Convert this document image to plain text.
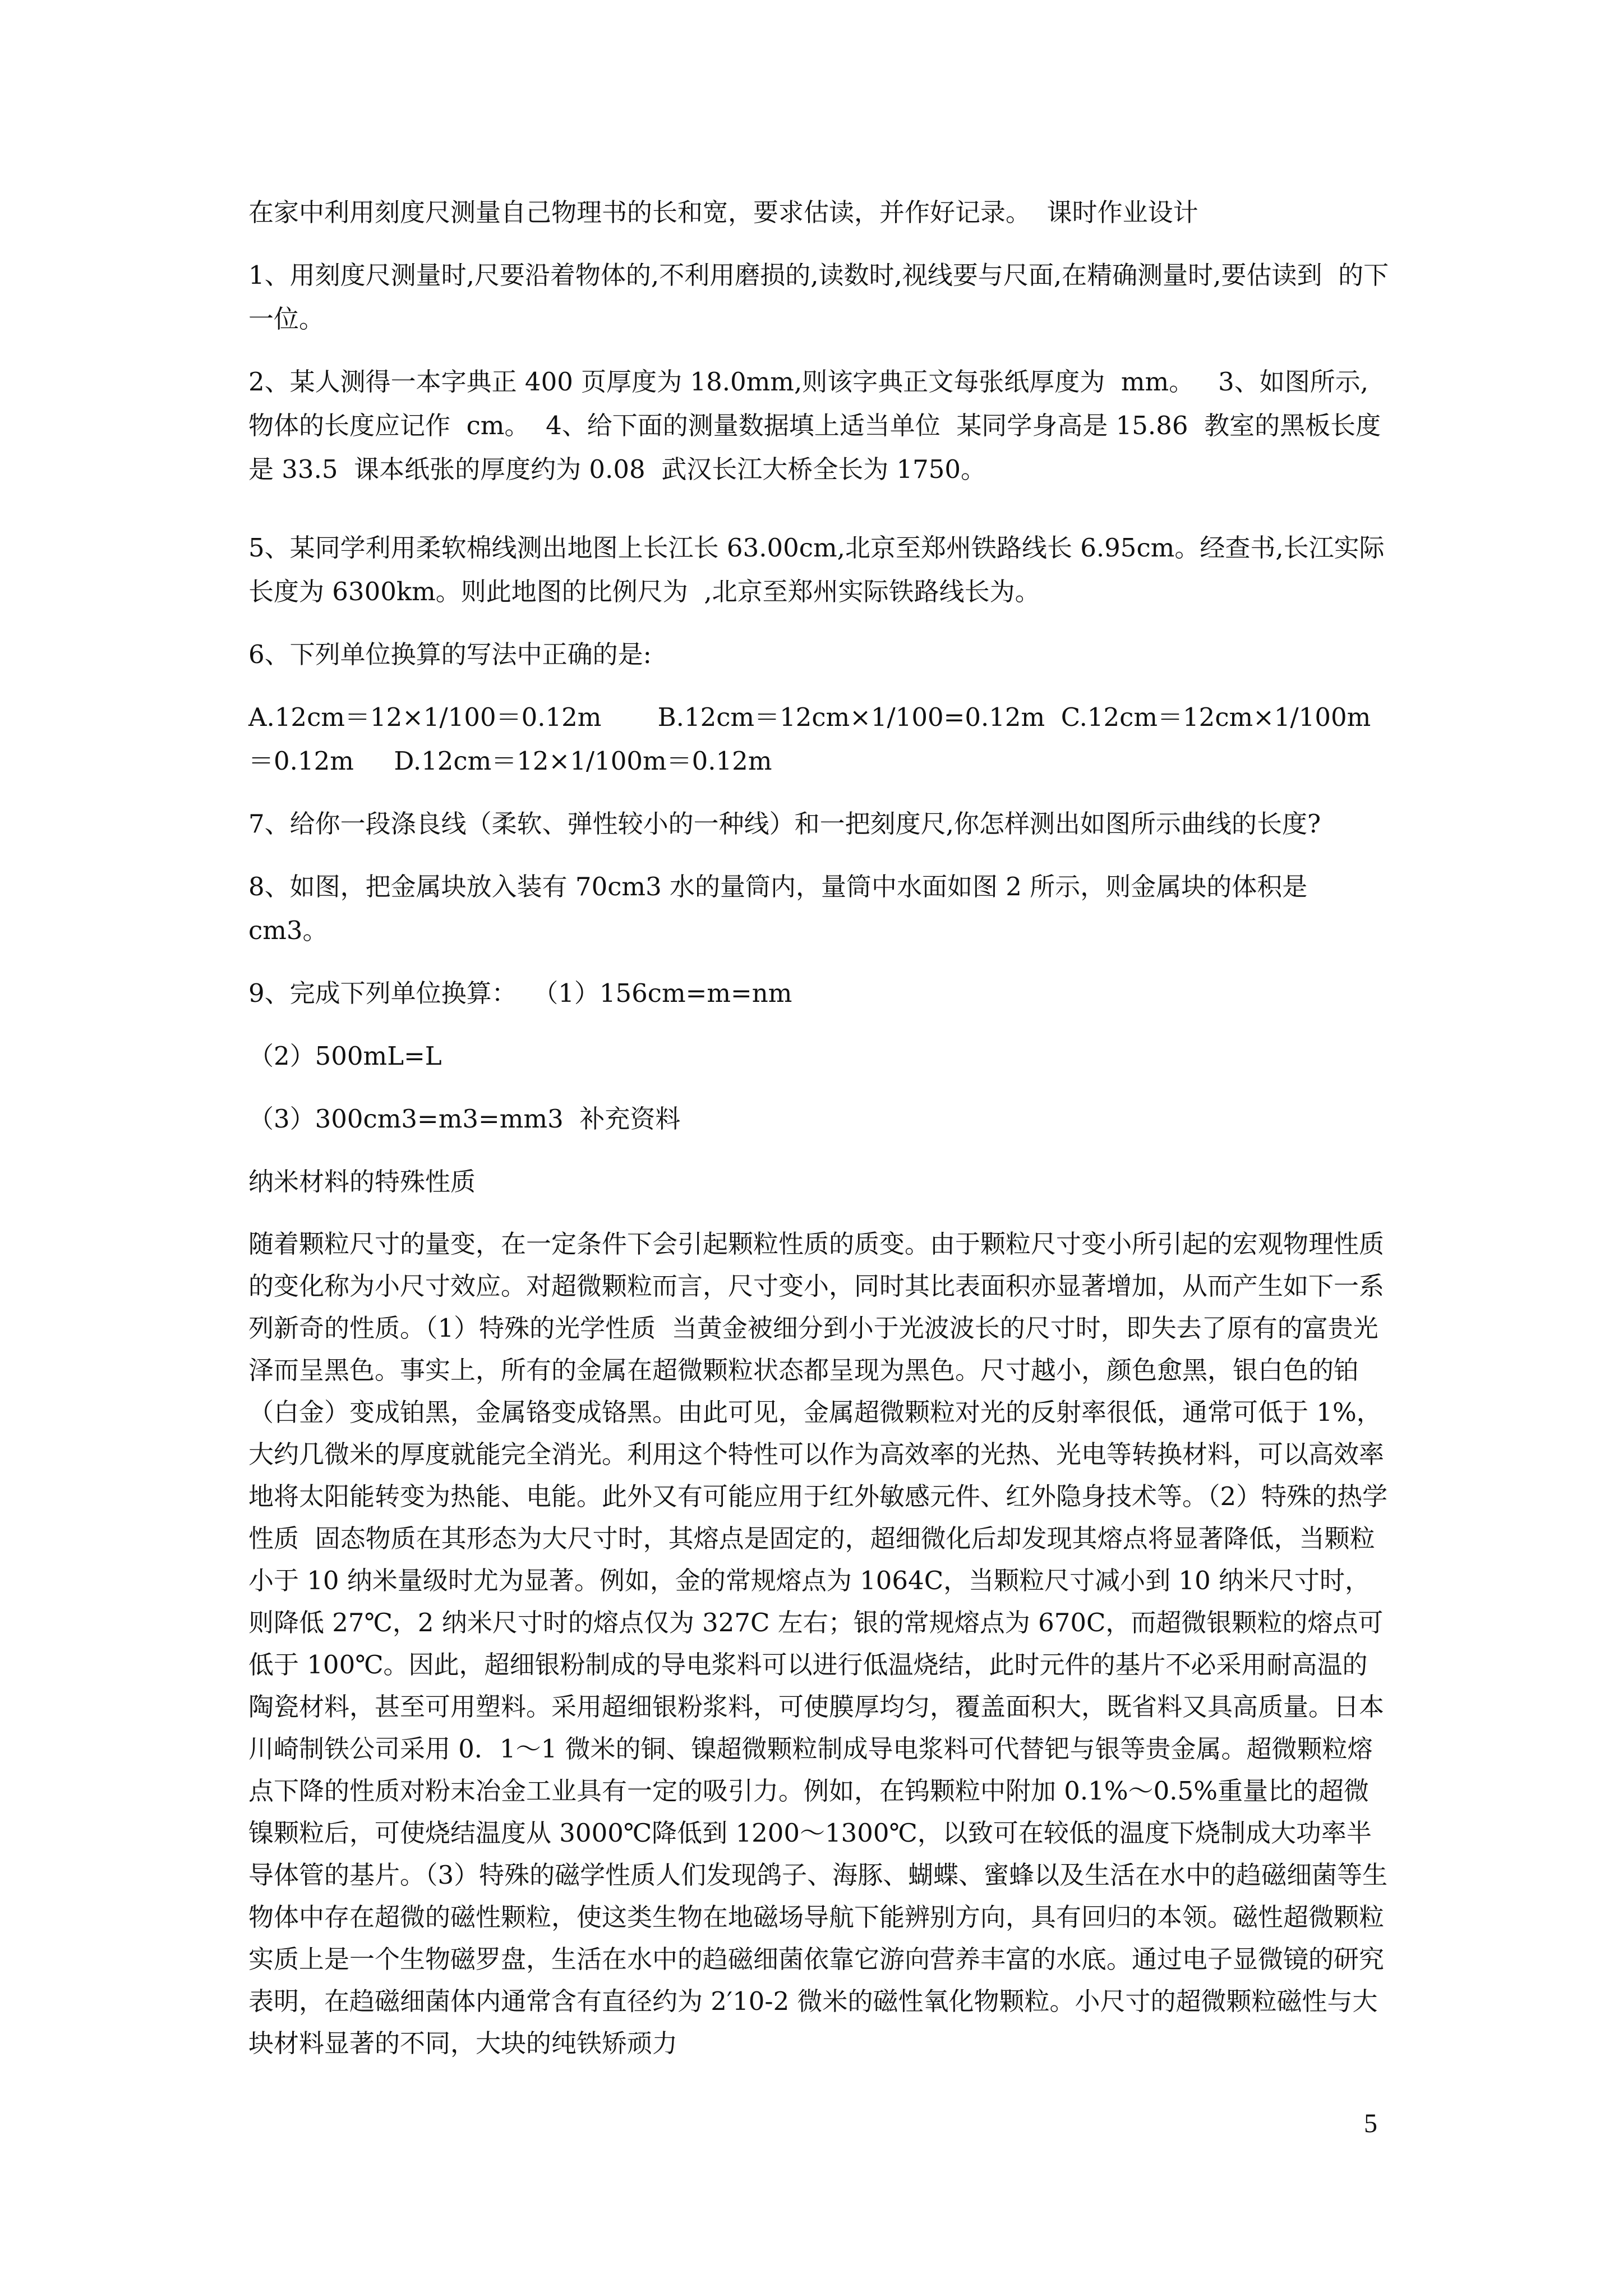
在家中利用刻度尺测量自己物理书的长和宽，要求估读，并作好记录。  课时作业设计

1、用刻度尺测量时,尺要沿着物体的,不利用磨损的,读数时,视线要与尺面,在精确测量时,要估读到  的下一位。

2、某人测得一本字典正 400 页厚度为 18.0mm,则该字典正文每张纸厚度为  mm。   3、如图所示,物体的长度应记作  cm。  4、给下面的测量数据填上适当单位  某同学身高是 15.86  教室的黑板长度是 33.5  课本纸张的厚度约为 0.08  武汉长江大桥全长为 1750。

5、某同学利用柔软棉线测出地图上长江长 63.00cm,北京至郑州铁路线长 6.95cm。经查书,长江实际长度为 6300km。则此地图的比例尺为  ,北京至郑州实际铁路线长为。

6、下列单位换算的写法中正确的是:

A.12cm＝12×1/100＝0.12m       B.12cm＝12cm×1/100=0.12m  C.12cm＝12cm×1/100m＝0.12m     D.12cm＝12×1/100m＝0.12m

7、给你一段涤良线（柔软、弹性较小的一种线）和一把刻度尺,你怎样测出如图所示曲线的长度?

8、如图，把金属块放入装有 70cm3 水的量筒内，量筒中水面如图 2 所示，则金属块的体积是 cm3。

9、完成下列单位换算：  （1）156cm=m=nm

（2）500mL=L

（3）300cm3=m3=mm3  补充资料

纳米材料的特殊性质

随着颗粒尺寸的量变，在一定条件下会引起颗粒性质的质变。由于颗粒尺寸变小所引起的宏观物理性质的变化称为小尺寸效应。对超微颗粒而言，尺寸变小，同时其比表面积亦显著增加，从而产生如下一系列新奇的性质。（1）特殊的光学性质  当黄金被细分到小于光波波长的尺寸时，即失去了原有的富贵光泽而呈黑色。事实上，所有的金属在超微颗粒状态都呈现为黑色。尺寸越小，颜色愈黑，银白色的铂（白金）变成铂黑，金属铬变成铬黑。由此可见，金属超微颗粒对光的反射率很低，通常可低于 1%，大约几微米的厚度就能完全消光。利用这个特性可以作为高效率的光热、光电等转换材料，可以高效率地将太阳能转变为热能、电能。此外又有可能应用于红外敏感元件、红外隐身技术等。（2）特殊的热学性质  固态物质在其形态为大尺寸时，其熔点是固定的，超细微化后却发现其熔点将显著降低，当颗粒小于 10 纳米量级时尤为显著。例如，金的常规熔点为 1064C，当颗粒尺寸减小到 10 纳米尺寸时，则降低 27℃，2 纳米尺寸时的熔点仅为 327C 左右；银的常规熔点为 670C，而超微银颗粒的熔点可低于 100℃。因此，超细银粉制成的导电浆料可以进行低温烧结，此时元件的基片不必采用耐高温的陶瓷材料，甚至可用塑料。采用超细银粉浆料，可使膜厚均匀，覆盖面积大，既省料又具高质量。日本川崎制铁公司采用 0．1～1 微米的铜、镍超微颗粒制成导电浆料可代替钯与银等贵金属。超微颗粒熔点下降的性质对粉末冶金工业具有一定的吸引力。例如，在钨颗粒中附加 0.1%～0.5%重量比的超微镍颗粒后，可使烧结温度从 3000℃降低到 1200～1300℃，以致可在较低的温度下烧制成大功率半导体管的基片。（3）特殊的磁学性质人们发现鸽子、海豚、蝴蝶、蜜蜂以及生活在水中的趋磁细菌等生物体中存在超微的磁性颗粒，使这类生物在地磁场导航下能辨别方向，具有回归的本领。磁性超微颗粒实质上是一个生物磁罗盘，生活在水中的趋磁细菌依靠它游向营养丰富的水底。通过电子显微镜的研究表明，在趋磁细菌体内通常含有直径约为 2′10-2 微米的磁性氧化物颗粒。小尺寸的超微颗粒磁性与大块材料显著的不同，大块的纯铁矫顽力

5
